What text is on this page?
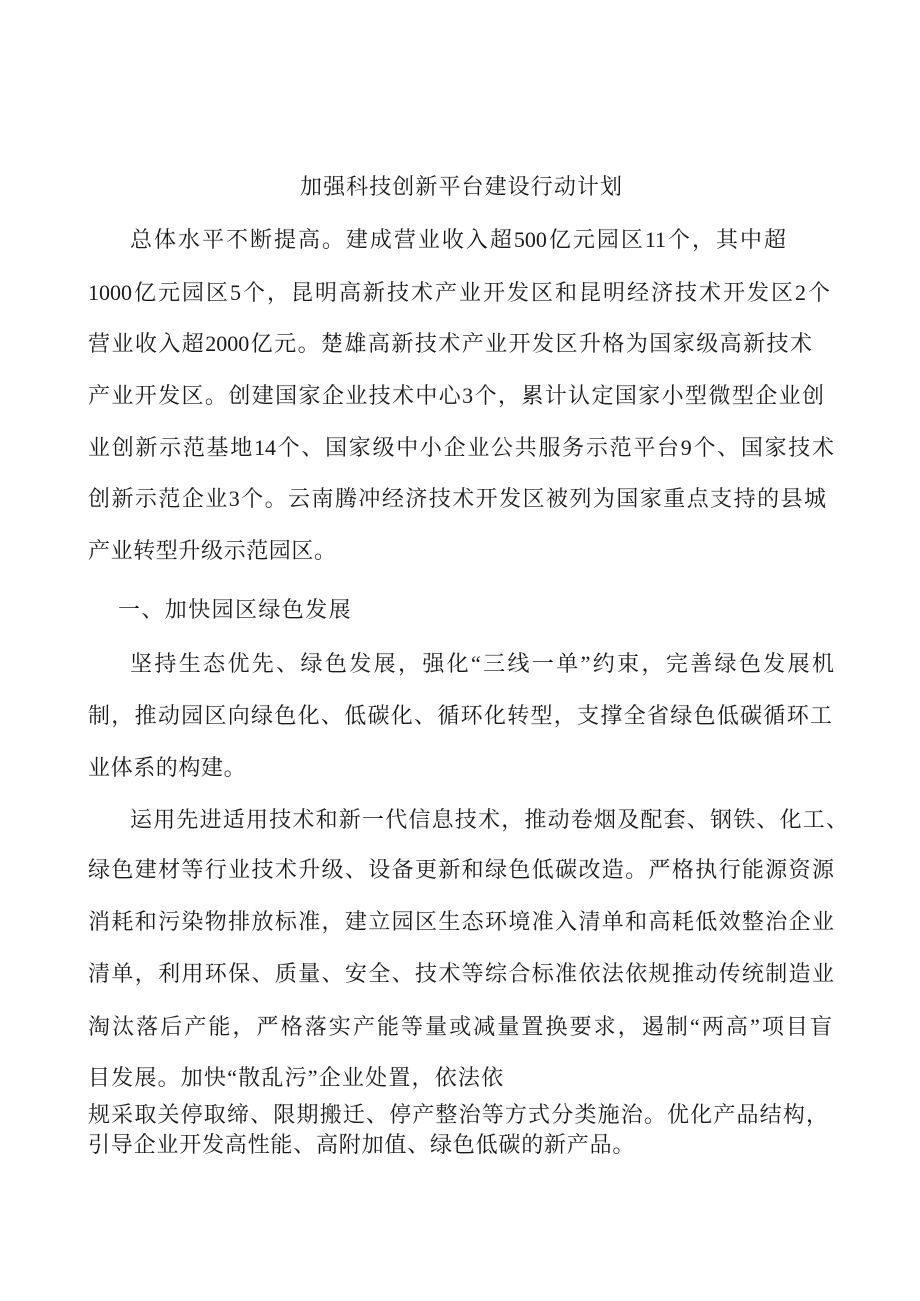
加强科技创新平台建设行动计划
总体水平不断提高。建成营业收入超500亿元园区11个，其中超
1000亿元园区5个，昆明高新技术产业开发区和昆明经济技术开发区2个
营业收入超2000亿元。楚雄高新技术产业开发区升格为国家级高新技术
产业开发区。创建国家企业技术中心3个，累计认定国家小型微型企业创
业创新示范基地14个、国家级中小企业公共服务示范平台9个、国家技术
创新示范企业3个。云南腾冲经济技术开发区被列为国家重点支持的县城
产业转型升级示范园区。
一、加快园区绿色发展
坚持生态优先、绿色发展，强化“三线一单”约束，完善绿色发展机
制，推动园区向绿色化、低碳化、循环化转型，支撑全省绿色低碳循环工
业体系的构建。
运用先进适用技术和新一代信息技术，推动卷烟及配套、钢铁、化工、
绿色建材等行业技术升级、设备更新和绿色低碳改造。严格执行能源资源
消耗和污染物排放标准，建立园区生态环境准入清单和高耗低效整治企业
清单，利用环保、质量、安全、技术等综合标准依法依规推动传统制造业
淘汰落后产能，严格落实产能等量或减量置换要求，遏制“两高”项目盲
目发展。加快“散乱污”企业处置，依法依
规采取关停取缔、限期搬迁、停产整治等方式分类施治。优化产品结构，
引导企业开发高性能、高附加值、绿色低碳的新产品。
